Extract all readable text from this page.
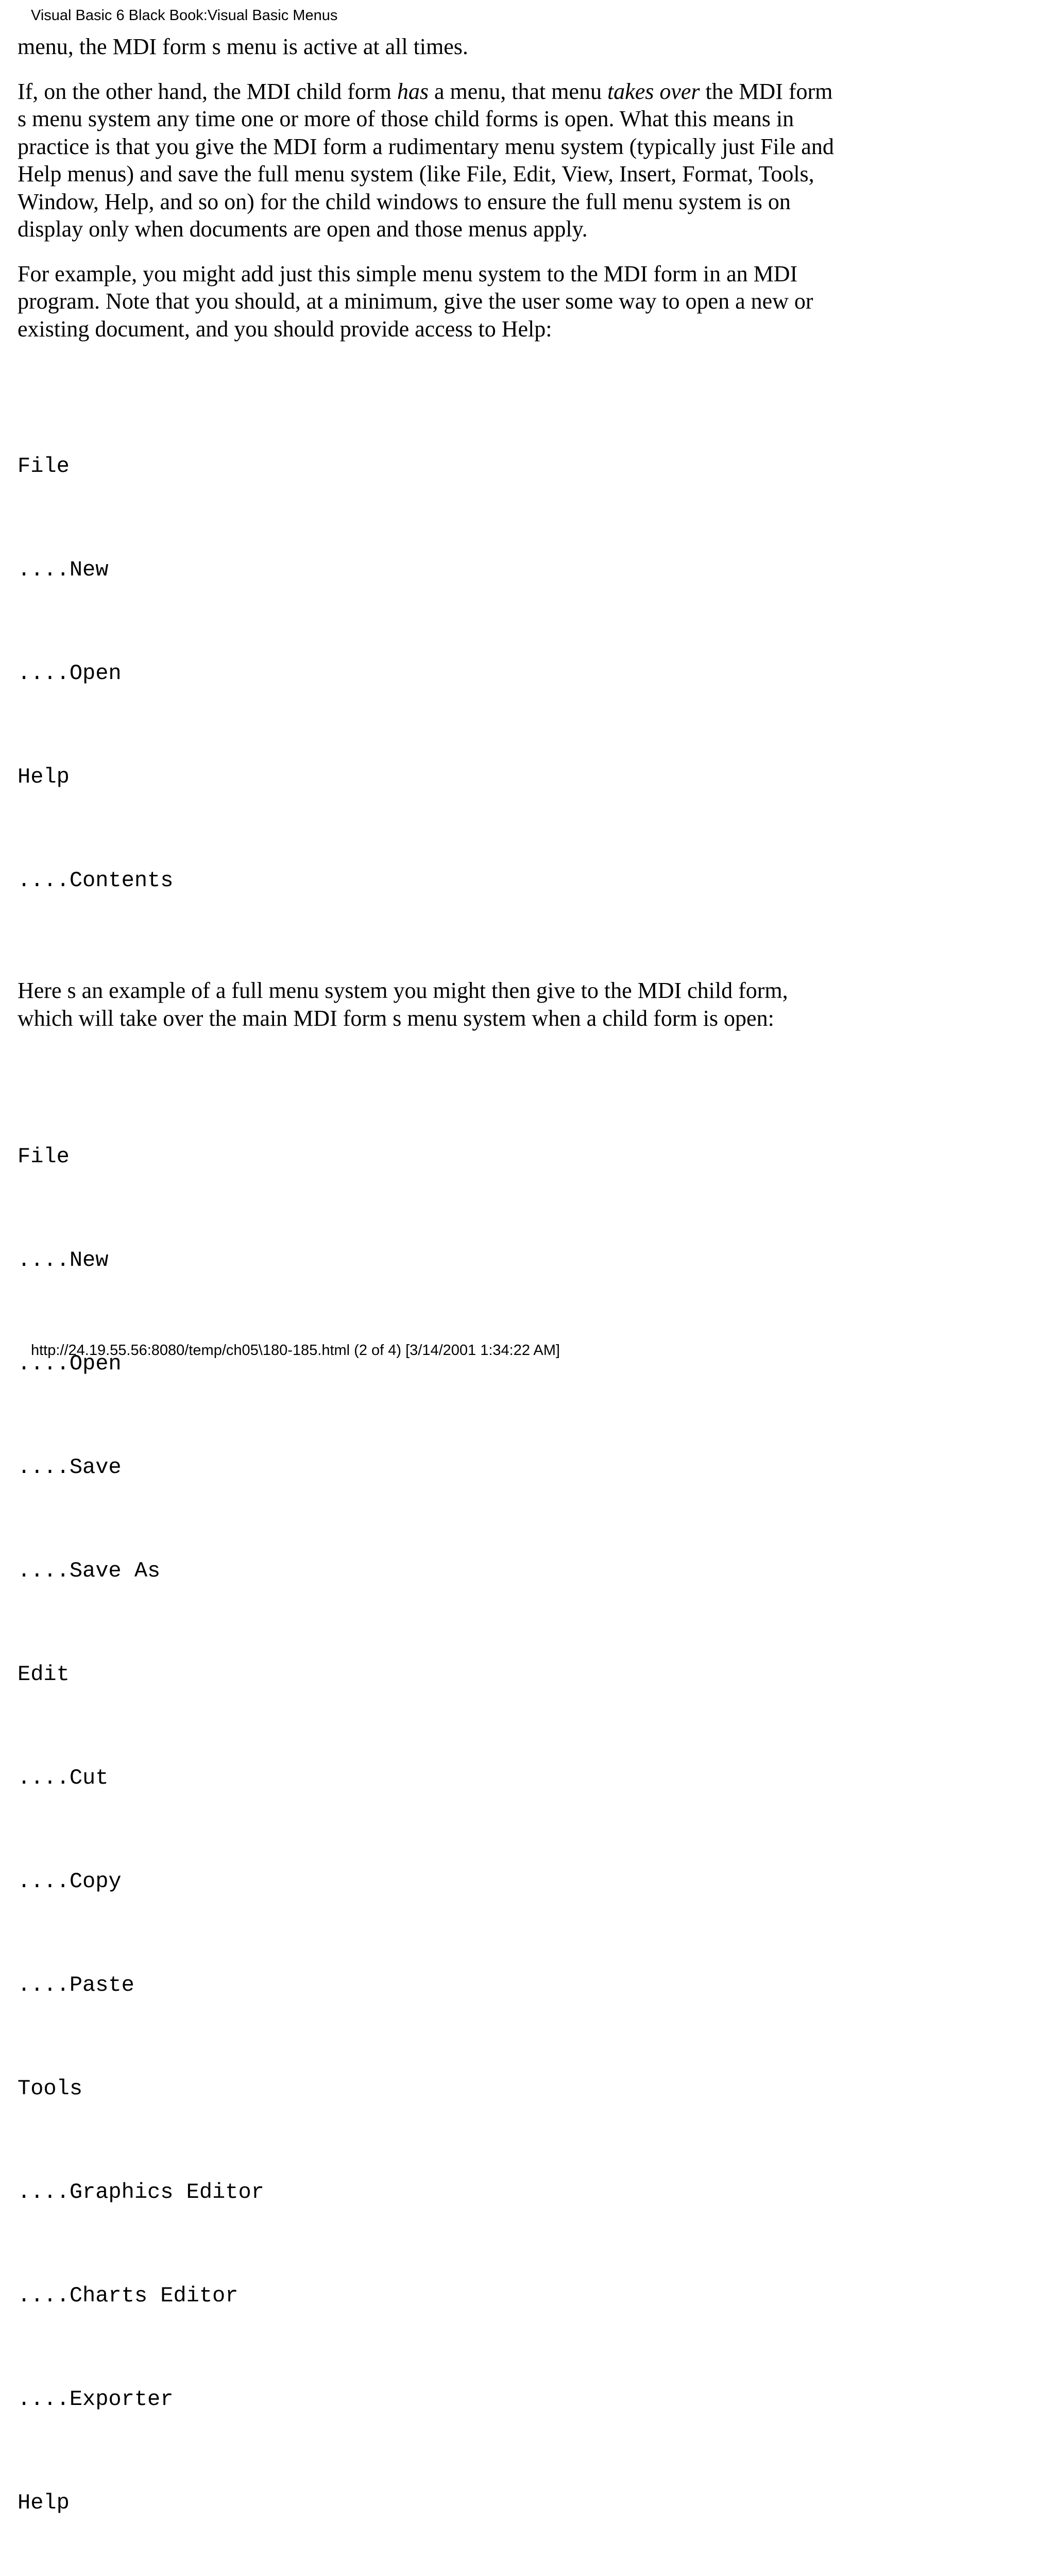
Visual Basic 6 Black Book:Visual Basic Menus

menu, the MDI form s menu is active at all times.

If, on the other hand, the MDI child form has a menu, that menu takes over the MDI form s menu system any time one or more of those child forms is open. What this means in practice is that you give the MDI form a rudimentary menu system (typically just File and Help menus) and save the full menu system (like File, Edit, View, Insert, Format, Tools, Window, Help, and so on) for the child windows to ensure the full menu system is on display only when documents are open and those menus apply.

For example, you might add just this simple menu system to the MDI form in an MDI program. Note that you should, at a minimum, give the user some way to open a new or existing document, and you should provide access to Help:

File

....New

....Open

Help

....Contents

Here s an example of a full menu system you might then give to the MDI child form, which will take over the main MDI form s menu system when a child form is open:

File

....New

....Open

....Save

....Save As

Edit

....Cut

....Copy

....Paste

Tools

....Graphics Editor

....Charts Editor

....Exporter

Help

http://24.19.55.56:8080/temp/ch05\180-185.html (2 of 4) [3/14/2001 1:34:22 AM]
